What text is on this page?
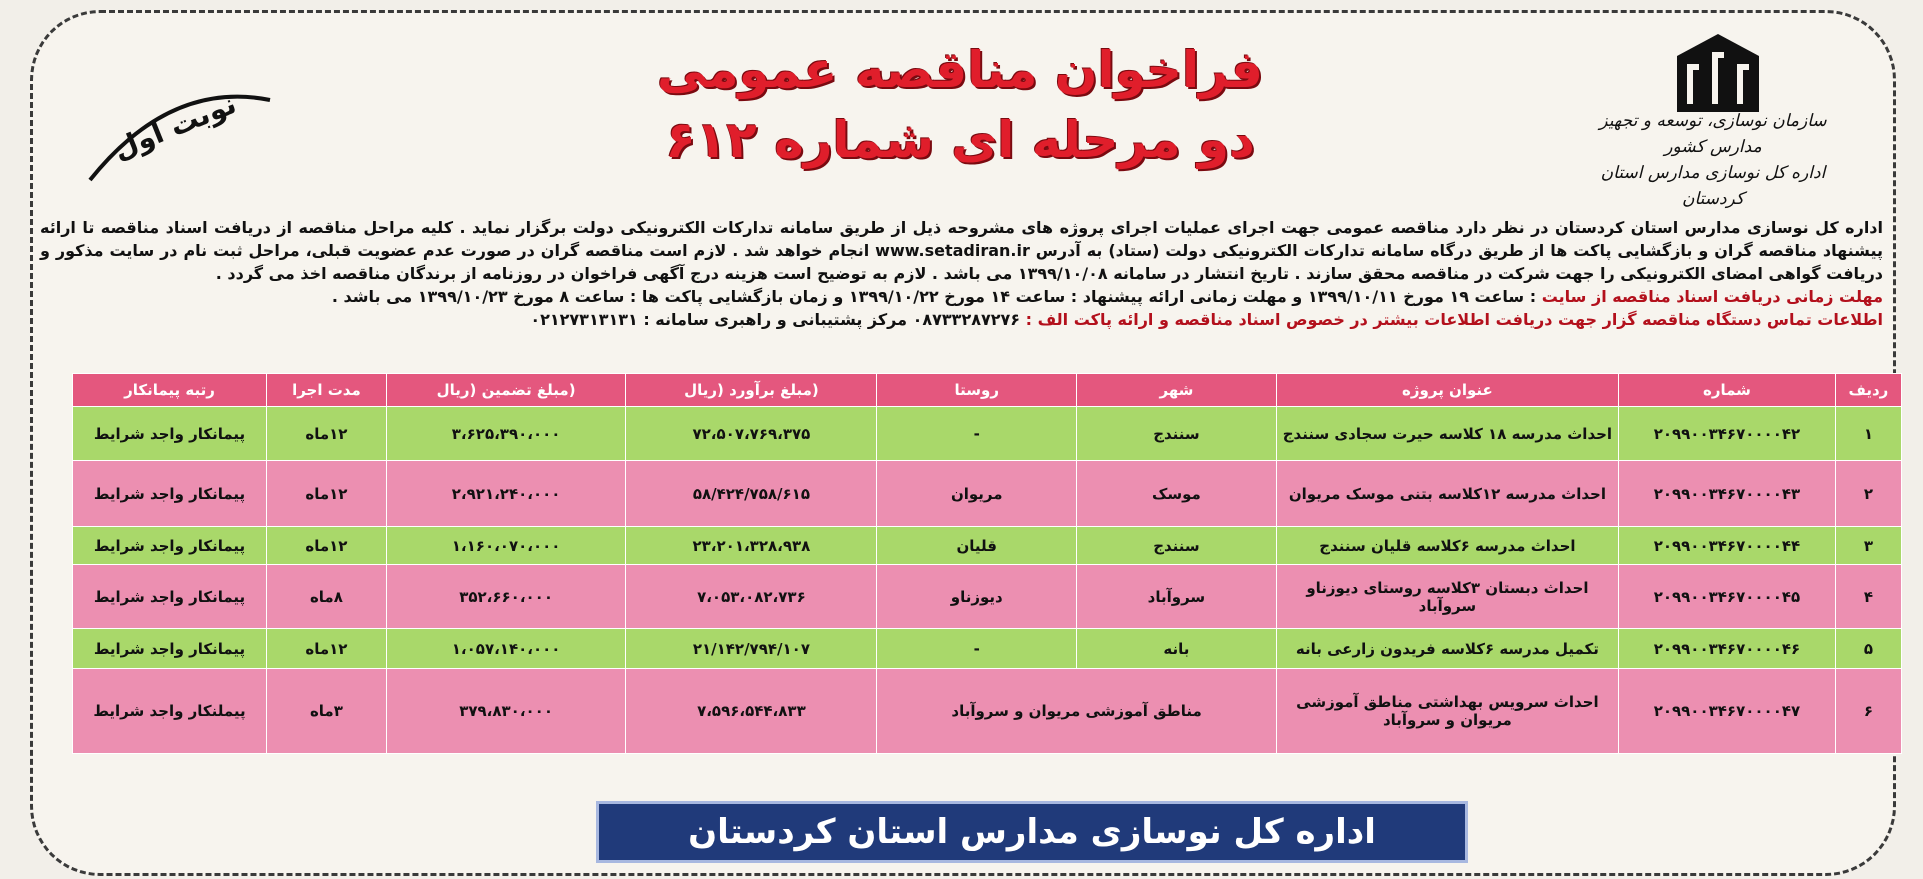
سازمان نوسازی، توسعه و تجهیز مدارس کشور
اداره کل نوسازی مدارس استان کردستان
فراخوان مناقصه عمومی
دو مرحله ای شماره ۶۱۲
نوبت اول

اداره کل نوسازی مدارس استان کردستان در نظر دارد مناقصه عمومی جهت اجرای عملیات اجرای پروژه های مشروحه ذیل از طریق سامانه تدارکات الکترونیکی دولت برگزار نماید . کلیه مراحل مناقصه از دریافت اسناد مناقصه تا ارائه پیشنهاد مناقصه گران و بازگشایی پاکت ها از طریق درگاه سامانه تدارکات الکترونیکی دولت (ستاد) به آدرس www.setadiran.ir انجام خواهد شد . لازم است مناقصه گران در صورت عدم عضویت قبلی، مراحل ثبت نام در سایت مذکور و دریافت گواهی امضای الکترونیکی را جهت شرکت در مناقصه محقق سازند . تاریخ انتشار در سامانه ۱۳۹۹/۱۰/۰۸ می باشد . لازم به توضیح است هزینه درج آگهی فراخوان در روزنامه از برندگان مناقصه اخذ می گردد .

مهلت زمانی دریافت اسناد مناقصه از سایت : ساعت ۱۹ مورخ ۱۳۹۹/۱۰/۱۱ و مهلت زمانی ارائه پیشنهاد : ساعت ۱۴ مورخ ۱۳۹۹/۱۰/۲۲ و زمان بازگشایی پاکت ها : ساعت ۸ مورخ ۱۳۹۹/۱۰/۲۳ می باشد .

اطلاعات تماس دستگاه مناقصه گزار جهت دریافت اطلاعات بیشتر در خصوص اسناد مناقصه و ارائه پاکت الف : ۰۸۷۳۳۲۸۷۲۷۶ مرکز پشتیبانی و راهبری سامانه : ۰۲۱۲۷۳۱۳۱۳۱

ردیف	شماره	عنوان پروژه	شهر	روستا	(مبلغ برآورد (ریال	(مبلغ تضمین (ریال	مدت اجرا	رتبه پیمانکار
۱	۲۰۹۹۰۰۳۴۶۷۰۰۰۰۴۲	احداث مدرسه ۱۸ کلاسه حیرت سجادی سنندج	سنندج	-	۷۲،۵۰۷،۷۶۹،۳۷۵	۳،۶۲۵،۳۹۰،۰۰۰	۱۲ماه	پیمانکار واجد شرایط
۲	۲۰۹۹۰۰۳۴۶۷۰۰۰۰۴۳	احداث مدرسه ۱۲کلاسه بتنی موسک مریوان	موسک	مریوان	۵۸/۴۲۴/۷۵۸/۶۱۵	۲،۹۲۱،۲۴۰،۰۰۰	۱۲ماه	پیمانکار واجد شرایط
۳	۲۰۹۹۰۰۳۴۶۷۰۰۰۰۴۴	احداث مدرسه ۶کلاسه قلیان سنندج	سنندج	قلیان	۲۳،۲۰۱،۳۲۸،۹۳۸	۱،۱۶۰،۰۷۰،۰۰۰	۱۲ماه	پیمانکار واجد شرایط
۴	۲۰۹۹۰۰۳۴۶۷۰۰۰۰۴۵	احداث دبستان ۳کلاسه روستای دیوزناو سروآباد	سروآباد	دیوزناو	۷،۰۵۳،۰۸۲،۷۳۶	۳۵۲،۶۶۰،۰۰۰	۸ماه	پیمانکار واجد شرایط
۵	۲۰۹۹۰۰۳۴۶۷۰۰۰۰۴۶	تکمیل مدرسه ۶کلاسه فریدون زارعی بانه	بانه	-	۲۱/۱۴۲/۷۹۴/۱۰۷	۱،۰۵۷،۱۴۰،۰۰۰	۱۲ماه	پیمانکار واجد شرایط
۶	۲۰۹۹۰۰۳۴۶۷۰۰۰۰۴۷	احداث سرویس بهداشتی مناطق آموزشی مریوان و سروآباد	مناطق آموزشی مریوان و سروآباد		۷،۵۹۶،۵۴۴،۸۳۳	۳۷۹،۸۳۰،۰۰۰	۳ماه	پیملنکار واجد شرایط
اداره کل نوسازی مدارس استان کردستان
